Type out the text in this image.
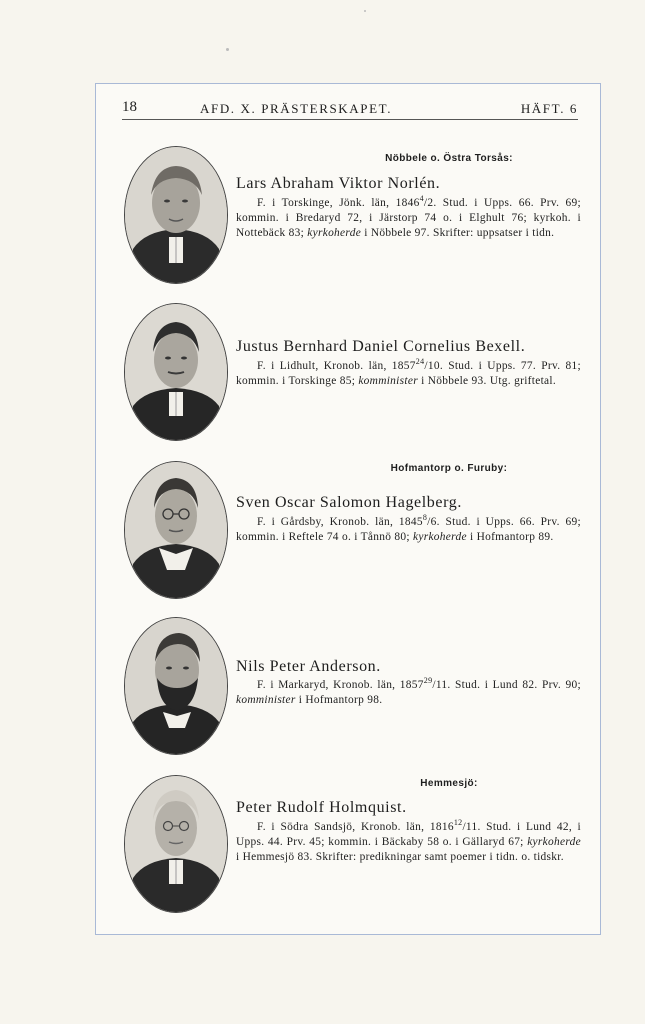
18	AFD. X. PRÄSTERSKAPET.	HÄFT. 6
Nöbbele o. Östra Torsås:
Lars Abraham Viktor Norlén.
F. i Torskinge, Jönk. län, 1846$^4$/2. Stud. i Upps. 66. Prv. 69; kommin. i Bredaryd 72, i Järstorp 74 o. i Elghult 76; kyrkoh. i Nottebäck 83; kyrkoherde i Nöbbele 97. Skrifter: uppsatser i tidn.
Justus Bernhard Daniel Cornelius Bexell.
F. i Lidhult, Kronob. län, 1857$^{24}$/10. Stud. i Upps. 77. Prv. 81; kommin. i Torskinge 85; komminister i Nöbbele 93. Utg. griftetal.
Hofmantorp o. Furuby:
Sven Oscar Salomon Hagelberg.
F. i Gårdsby, Kronob. län, 1845$^8$/6. Stud. i Upps. 66. Prv. 69; kommin. i Reftele 74 o. i Tånnö 80; kyrkoherde i Hofmantorp 89.
Nils Peter Anderson.
F. i Markaryd, Kronob. län, 1857$^{29}$/11. Stud. i Lund 82. Prv. 90; komminister i Hofmantorp 98.
Hemmesjö:
Peter Rudolf Holmquist.
F. i Södra Sandsjö, Kronob. län, 1816$^{12}$/11. Stud. i Lund 42, i Upps. 44. Prv. 45; kommin. i Bäckaby 58 o. i Gällaryd 67; kyrkoherde i Hemmesjö 83. Skrifter: predikningar samt poemer i tidn. o. tidskr.
